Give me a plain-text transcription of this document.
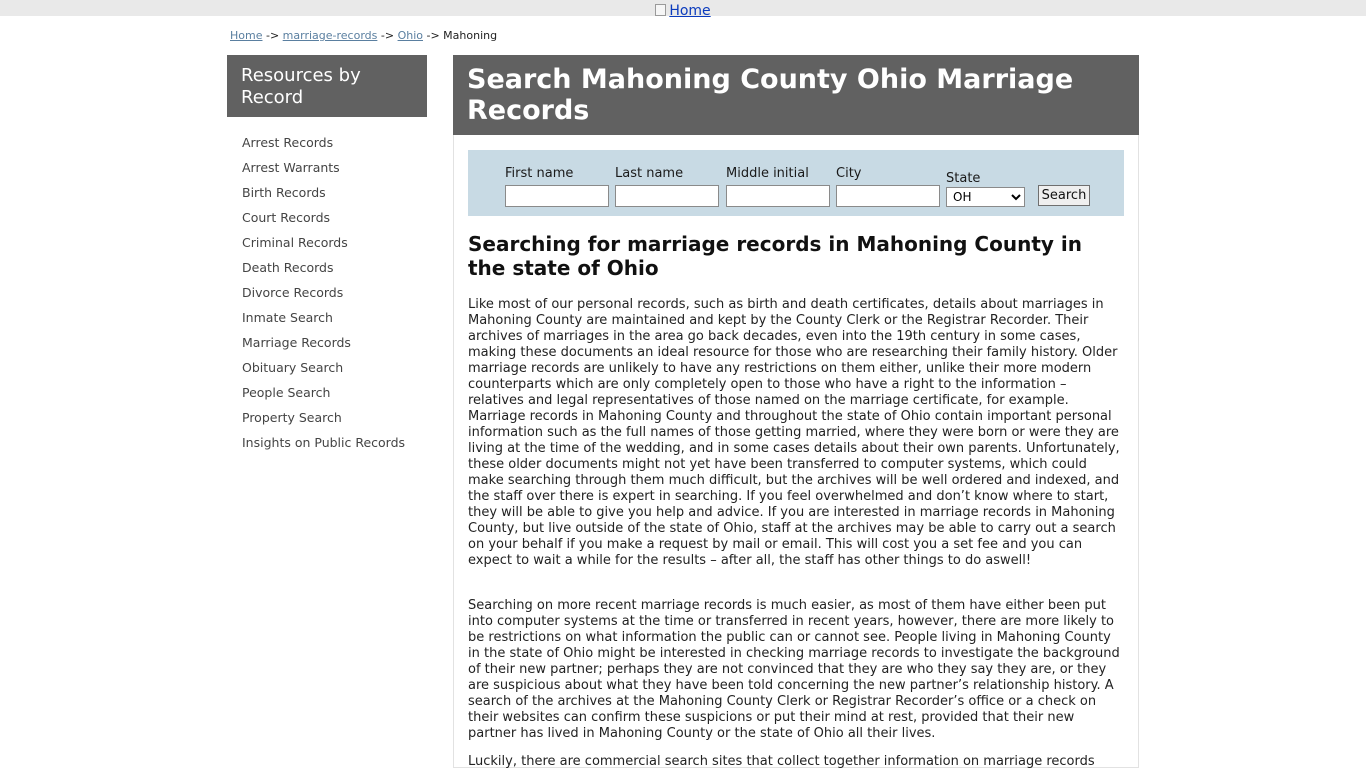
Home
Home -> marriage-records -> Ohio -> Mahoning
Resources by Record
Arrest Records
Arrest Warrants
Birth Records
Court Records
Criminal Records
Death Records
Divorce Records
Inmate Search
Marriage Records
Obituary Search
People Search
Property Search
Insights on Public Records
Search Mahoning County Ohio Marriage Records
First name	Last name	Middle initial	City	State
OH
Search
Searching for marriage records in Mahoning County in the state of Ohio

Like most of our personal records, such as birth and death certificates, details about marriages in Mahoning County are maintained and kept by the County Clerk or the Registrar Recorder. Their archives of marriages in the area go back decades, even into the 19th century in some cases, making these documents an ideal resource for those who are researching their family history. Older marriage records are unlikely to have any restrictions on them either, unlike their more modern counterparts which are only completely open to those who have a right to the information – relatives and legal representatives of those named on the marriage certificate, for example. Marriage records in Mahoning County and throughout the state of Ohio contain important personal information such as the full names of those getting married, where they were born or were they are living at the time of the wedding, and in some cases details about their own parents. Unfortunately, these older documents might not yet have been transferred to computer systems, which could make searching through them much difficult, but the archives will be well ordered and indexed, and the staff over there is expert in searching. If you feel overwhelmed and don’t know where to start, they will be able to give you help and advice. If you are interested in marriage records in Mahoning County, but live outside of the state of Ohio, staff at the archives may be able to carry out a search on your behalf if you make a request by mail or email. This will cost you a set fee and you can expect to wait a while for the results – after all, the staff has other things to do aswell!

Searching on more recent marriage records is much easier, as most of them have either been put into computer systems at the time or transferred in recent years, however, there are more likely to be restrictions on what information the public can or cannot see. People living in Mahoning County in the state of Ohio might be interested in checking marriage records to investigate the background of their new partner; perhaps they are not convinced that they are who they say they are, or they are suspicious about what they have been told concerning the new partner’s relationship history. A search of the archives at the Mahoning County Clerk or Registrar Recorder’s office or a check on their websites can confirm these suspicions or put their mind at rest, provided that their new partner has lived in Mahoning County or the state of Ohio all their lives.

Luckily, there are commercial search sites that collect together information on marriage records
